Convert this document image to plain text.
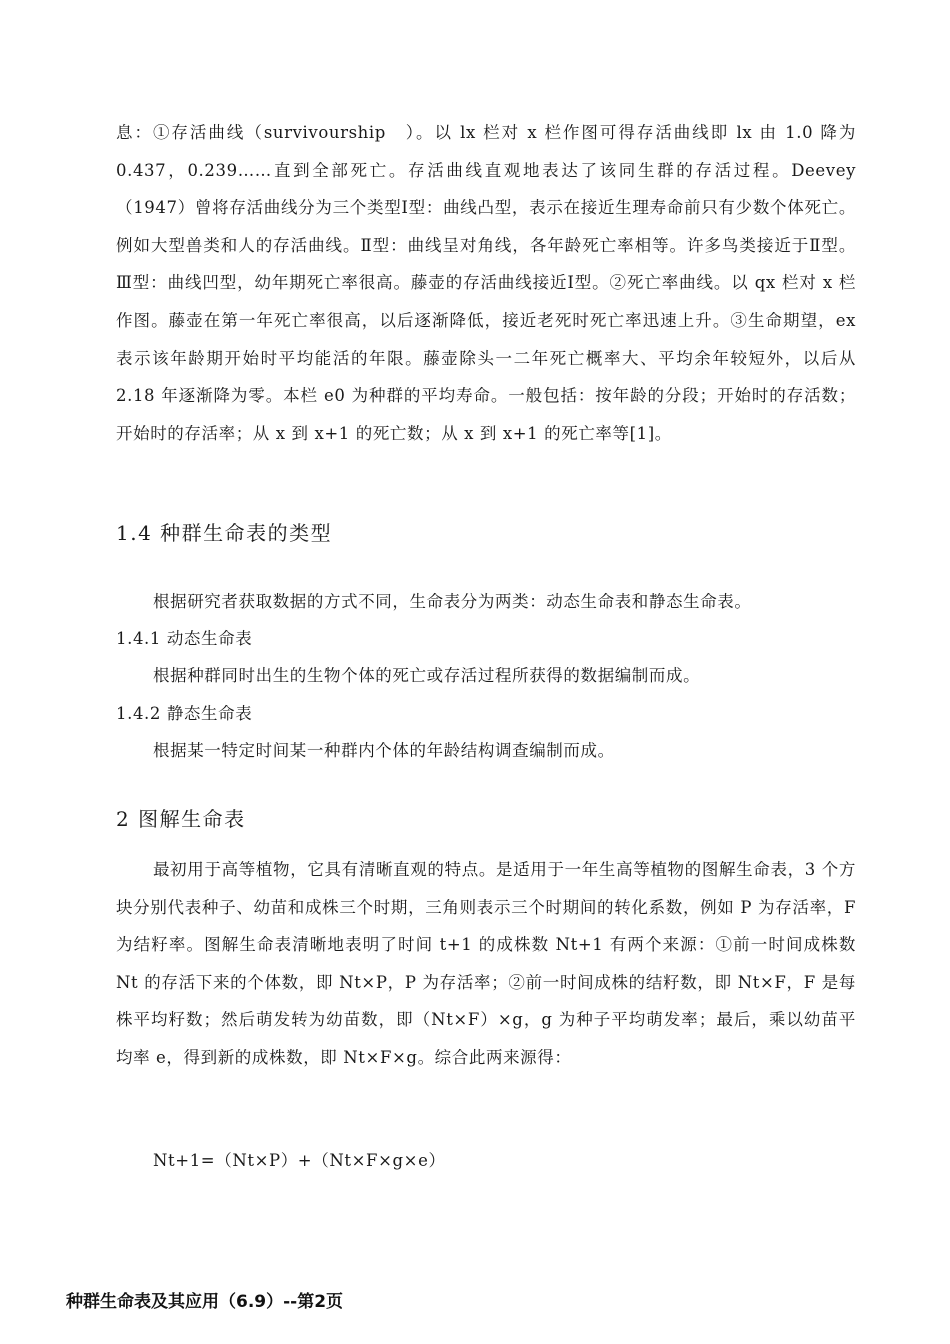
息：①存活曲线（survivourship　）。以 lx 栏对 x 栏作图可得存活曲线即 lx 由 1.0 降为 0.437，0.239……直到全部死亡。存活曲线直观地表达了该同生群的存活过程。Deevey（1947）曾将存活曲线分为三个类型Ⅰ型：曲线凸型，表示在接近生理寿命前只有少数个体死亡。例如大型兽类和人的存活曲线。Ⅱ型：曲线呈对角线，各年龄死亡率相等。许多鸟类接近于Ⅱ型。Ⅲ型：曲线凹型，幼年期死亡率很高。藤壶的存活曲线接近Ⅰ型。②死亡率曲线。以 qx 栏对 x 栏作图。藤壶在第一年死亡率很高，以后逐渐降低，接近老死时死亡率迅速上升。③生命期望，ex 表示该年龄期开始时平均能活的年限。藤壶除头一二年死亡概率大、平均余年较短外，以后从 2.18 年逐渐降为零。本栏 e0 为种群的平均寿命。一般包括：按年龄的分段；开始时的存活数；开始时的存活率；从 x 到 x+1 的死亡数；从 x 到 x+1 的死亡率等[1]。

1.4 种群生命表的类型

根据研究者获取数据的方式不同，生命表分为两类：动态生命表和静态生命表。

1.4.1 动态生命表

根据种群同时出生的生物个体的死亡或存活过程所获得的数据编制而成。

1.4.2 静态生命表

根据某一特定时间某一种群内个体的年龄结构调查编制而成。

2 图解生命表

最初用于高等植物，它具有清晰直观的特点。是适用于一年生高等植物的图解生命表，3 个方块分别代表种子、幼苗和成株三个时期，三角则表示三个时期间的转化系数，例如 P 为存活率，F 为结籽率。图解生命表清晰地表明了时间 t+1 的成株数 Nt+1 有两个来源：①前一时间成株数 Nt 的存活下来的个体数，即 Nt×P，P 为存活率；②前一时间成株的结籽数，即 Nt×F，F 是每株平均籽数；然后萌发转为幼苗数，即（Nt×F）×g，g 为种子平均萌发率；最后，乘以幼苗平均率 e，得到新的成株数，即 Nt×F×g。综合此两来源得：

Nt+1=（Nt×P）+（Nt×F×g×e）

种群生命表及其应用（6.9）--第2页
